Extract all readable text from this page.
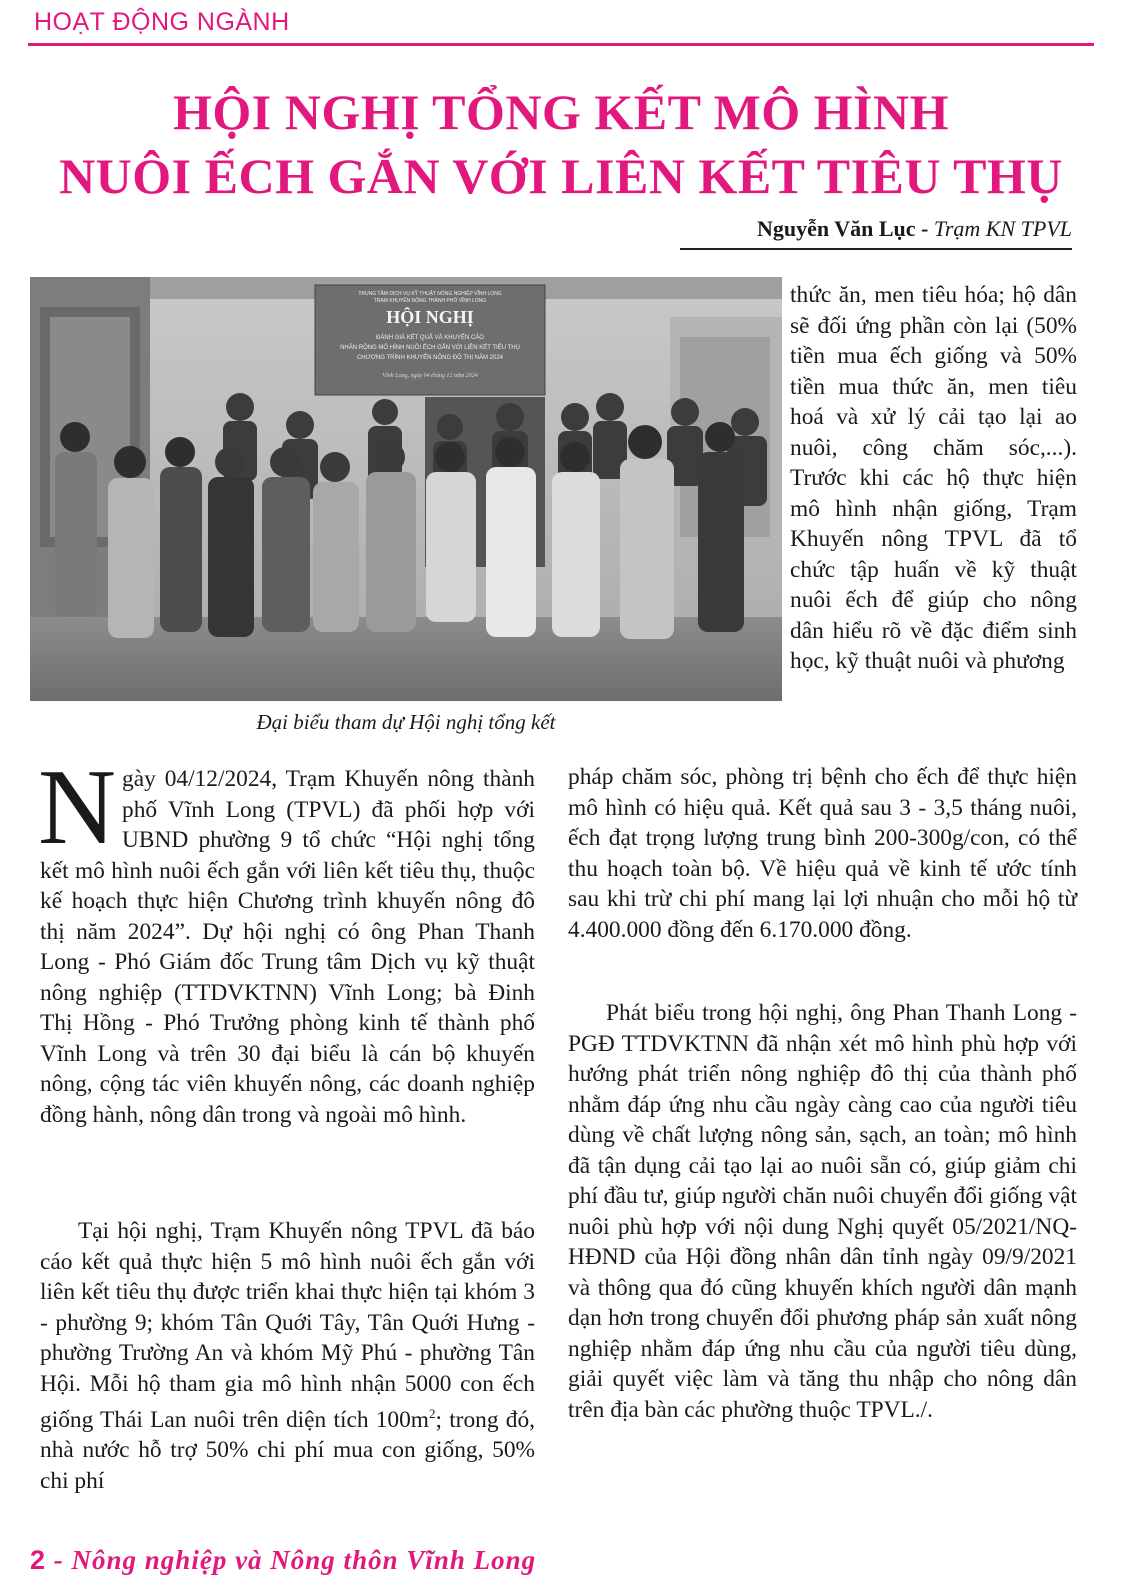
HOẠT ĐỘNG NGÀNH
HỘI NGHỊ TỔNG KẾT MÔ HÌNH
NUÔI ẾCH GẮN VỚI LIÊN KẾT TIÊU THỤ
Nguyễn Văn Lục - Trạm KN TPVL
TRUNG TÂM DỊCH VỤ KỸ THUẬT NÔNG NGHIỆP VĨNH LONG
TRẠM KHUYẾN NÔNG THÀNH PHỐ VĨNH LONG
HỘI NGHỊ
ĐÁNH GIÁ KẾT QUẢ VÀ KHUYẾN CÁO
NHÂN RỘNG MÔ HÌNH NUÔI ẾCH GẮN VỚI LIÊN KẾT TIÊU THỤ
CHƯƠNG TRÌNH KHUYẾN NÔNG ĐÔ THỊ NĂM 2024
Vĩnh Long, ngày 04 tháng 12 năm 2024
Đại biểu tham dự Hội nghị tổng kết

thức ăn, men tiêu hóa; hộ dân sẽ đối ứng phần còn lại (50% tiền mua ếch giống và 50% tiền mua thức ăn, men tiêu hoá và xử lý cải tạo lại ao nuôi, công chăm sóc,...). Trước khi các hộ thực hiện mô hình nhận giống, Trạm Khuyến nông TPVL đã tổ chức tập huấn về kỹ thuật nuôi ếch để giúp cho nông dân hiểu rõ về đặc điểm sinh học, kỹ thuật nuôi và phương

Ngày 04/12/2024, Trạm Khuyến nông thành phố Vĩnh Long (TPVL) đã phối hợp với UBND phường 9 tổ chức “Hội nghị tổng kết mô hình nuôi ếch gắn với liên kết tiêu thụ, thuộc kế hoạch thực hiện Chương trình khuyến nông đô thị năm 2024”. Dự hội nghị có ông Phan Thanh Long - Phó Giám đốc Trung tâm Dịch vụ kỹ thuật nông nghiệp (TTDVKTNN) Vĩnh Long; bà Đinh Thị Hồng - Phó Trưởng phòng kinh tế thành phố Vĩnh Long và trên 30 đại biểu là cán bộ khuyến nông, cộng tác viên khuyến nông, các doanh nghiệp đồng hành, nông dân trong và ngoài mô hình.

Tại hội nghị, Trạm Khuyến nông TPVL đã báo cáo kết quả thực hiện 5 mô hình nuôi ếch gắn với liên kết tiêu thụ được triển khai thực hiện tại khóm 3 - phường 9; khóm Tân Quới Tây, Tân Quới Hưng - phường Trường An và khóm Mỹ Phú - phường Tân Hội. Mỗi hộ tham gia mô hình nhận 5000 con ếch giống Thái Lan nuôi trên diện tích $100m^2$; trong đó, nhà nước hỗ trợ 50% chi phí mua con giống, 50% chi phí

pháp chăm sóc, phòng trị bệnh cho ếch để thực hiện mô hình có hiệu quả. Kết quả sau 3 - 3,5 tháng nuôi, ếch đạt trọng lượng trung bình 200-300g/con, có thể thu hoạch toàn bộ. Về hiệu quả về kinh tế ước tính sau khi trừ chi phí mang lại lợi nhuận cho mỗi hộ từ 4.400.000 đồng đến 6.170.000 đồng.

Phát biểu trong hội nghị, ông Phan Thanh Long - PGĐ TTDVKTNN đã nhận xét mô hình phù hợp với hướng phát triển nông nghiệp đô thị của thành phố nhằm đáp ứng nhu cầu ngày càng cao của người tiêu dùng về chất lượng nông sản, sạch, an toàn; mô hình đã tận dụng cải tạo lại ao nuôi sẵn có, giúp giảm chi phí đầu tư, giúp người chăn nuôi chuyển đổi giống vật nuôi phù hợp với nội dung Nghị quyết 05/2021/NQ-HĐND của Hội đồng nhân dân tỉnh ngày 09/9/2021 và thông qua đó cũng khuyến khích người dân mạnh dạn hơn trong chuyển đổi phương pháp sản xuất nông nghiệp nhằm đáp ứng nhu cầu của người tiêu dùng, giải quyết việc làm và tăng thu nhập cho nông dân trên địa bàn các phường thuộc TPVL./.

2 - Nông nghiệp và Nông thôn Vĩnh Long
